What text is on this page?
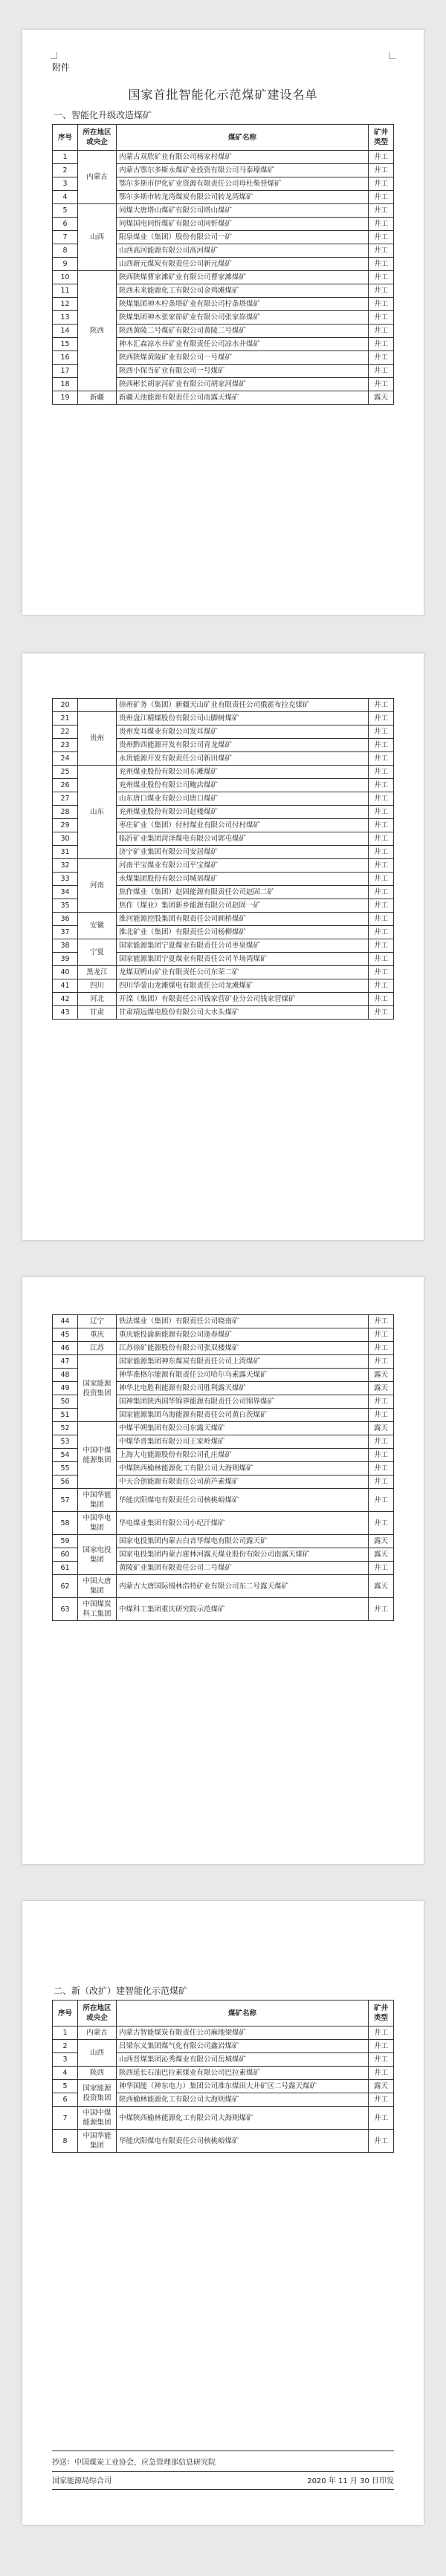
附件
国家首批智能化示范煤矿建设名单
一、智能化升级改造煤矿
序号	所在地区或央企	煤矿名称	矿井类型
1	内蒙古	内蒙古双欣矿业有限公司杨家村煤矿	井工
2		内蒙古鄂尔多斯永煤矿业投资有限公司马泰壕煤矿	井工
3		鄂尔多斯市伊化矿业资源有限责任公司母杜柴登煤矿	井工
4		鄂尔多斯市转龙湾煤炭有限公司转龙湾煤矿	井工
5	山西	同煤大唐塔山煤矿有限公司塔山煤矿	井工
6		同煤国电同忻煤矿有限公司同忻煤矿	井工
7		阳泉煤业（集团）股份有限公司一矿	井工
8		山西高河能源有限公司高河煤矿	井工
9		山西新元煤炭有限责任公司新元煤矿	井工
10	陕西	陕西陕煤曹家滩矿业有限公司曹家滩煤矿	井工
11		陕西未来能源化工有限公司金鸡滩煤矿	井工
12		陕煤集团神木柠条塔矿业有限公司柠条塔煤矿	井工
13		陕煤集团神木张家峁矿业有限公司张家峁煤矿	井工
14		陕西黄陵二号煤矿有限公司黄陵二号煤矿	井工
15		神木汇森凉水井矿业有限责任公司凉水井煤矿	井工
16		陕西陕煤黄陵矿业有限公司一号煤矿	井工
17		陕西小保当矿业有限公司一号煤矿	井工
18		陕西彬长胡家河矿业有限公司胡家河煤矿	井工
19	新疆	新疆天池能源有限责任公司南露天煤矿	露天
20		徐州矿务（集团）新疆天山矿业有限责任公司俄霍布拉克煤矿	井工
21	贵州	贵州盘江精煤股份有限公司山脚树煤矿	井工
22		贵州发耳煤业有限公司发耳煤矿	井工
23		贵州黔西能源开发有限公司青龙煤矿	井工
24		永贵能源开发有限责任公司新田煤矿	井工
25	山东	兖州煤业股份有限公司东滩煤矿	井工
26		兖州煤业股份有限公司鲍店煤矿	井工
27		山东唐口煤业有限公司唐口煤矿	井工
28		兖州煤业股份有限公司赵楼煤矿	井工
29		枣庄矿业（集团）付村煤业有限公司付村煤矿	井工
30		临沂矿业集团菏泽煤电有限公司郭屯煤矿	井工
31		济宁矿业集团有限公司安居煤矿	井工
32	河南	河南平宝煤业有限公司平宝煤矿	井工
33		永煤集团股份有限公司城郊煤矿	井工
34		焦作煤业（集团）赵固能源有限责任公司赵固二矿	井工
35		焦作（煤业）集团新乡能源有限公司赵固一矿	井工
36	安徽	淮河能源控股集团有限责任公司顾桥煤矿	井工
37		淮北矿业（集团）有限责任公司杨柳煤矿	井工
38	宁夏	国家能源集团宁夏煤业有限责任公司枣泉煤矿	井工
39		国家能源集团宁夏煤业有限责任公司羊场湾煤矿	井工
40	黑龙江	龙煤双鸭山矿业有限责任公司东荣二矿	井工
41	四川	四川华蓥山龙滩煤电有限责任公司龙滩煤矿	井工
42	河北	开滦（集团）有限责任公司钱家营矿业分公司钱家营煤矿	井工
43	甘肃	甘肃靖远煤电股份有限公司大水头煤矿	井工
44	辽宁	铁法煤业（集团）有限责任公司晓南矿	井工
45	重庆	重庆能投渝新能源有限公司逢春煤矿	井工
46	江苏	江苏徐矿能源股份有限公司张双楼煤矿	井工
47	国家能源投资集团	国家能源集团神东煤炭有限责任公司上湾煤矿	井工
48		神华准格尔能源有限责任公司哈尔乌素露天煤矿	露天
49		神华北电胜利能源有限公司胜利露天煤矿	露天
50		国神集团陕西国华锦界能源有限责任公司锦界煤矿	井工
51		国家能源集团乌海能源有限责任公司黄白茨煤矿	井工
52	中国中煤能源集团	中煤平朔集团有限公司东露天煤矿	露天
53		中煤华晋集团有限公司王家岭煤矿	井工
54		上海大屯能源股份有限公司孔庄煤矿	井工
55		中煤陕西榆林能源化工有限公司大海则煤矿	井工
56		中天合创能源有限责任公司葫芦素煤矿	井工
57	中国华能集团	华能庆阳煤电有限责任公司核桃峪煤矿	井工
58	中国华电集团	华电煤业集团有限公司小纪汗煤矿	井工
59	国家电投集团	国家电投集团内蒙古白音华煤电有限公司露天矿	露天
60		国家电投集团内蒙古霍林河露天煤业股份有限公司南露天煤矿	露天
61		黄陵矿业集团有限责任公司二号煤矿	井工
62	中国大唐集团	内蒙古大唐国际锡林浩特矿业有限公司东二号露天煤矿	露天
63	中国煤炭科工集团	中煤科工集团重庆研究院示范煤矿	井工
二、新（改扩）建智能化示范煤矿
序号	所在地区或央企	煤矿名称	矿井类型
1	内蒙古	内蒙古智能煤炭有限责任公司麻地梁煤矿	井工
2	山西	吕梁东义集团煤气化有限公司鑫岩煤矿	井工
3		山西晋煤集团沁秀煤业有限公司岳城煤矿	井工
4	陕西	陕西延长石油巴拉素煤业有限公司巴拉素煤矿	井工
5	国家能源投资集团	神华国能（神东电力）集团公司准东煤田大井矿区二号露天煤矿	露天
6		陕西榆林能源化工有限公司大海则煤矿	井工
7	中国中煤能源集团	中煤陕西榆林能源化工有限公司大海则煤矿	井工
8	中国华能集团	华能庆阳煤电有限责任公司核桃峪煤矿	井工
抄送：中国煤炭工业协会，应急管理部信息研究院
国家能源局综合司	2020 年 11 月 30 日印发
